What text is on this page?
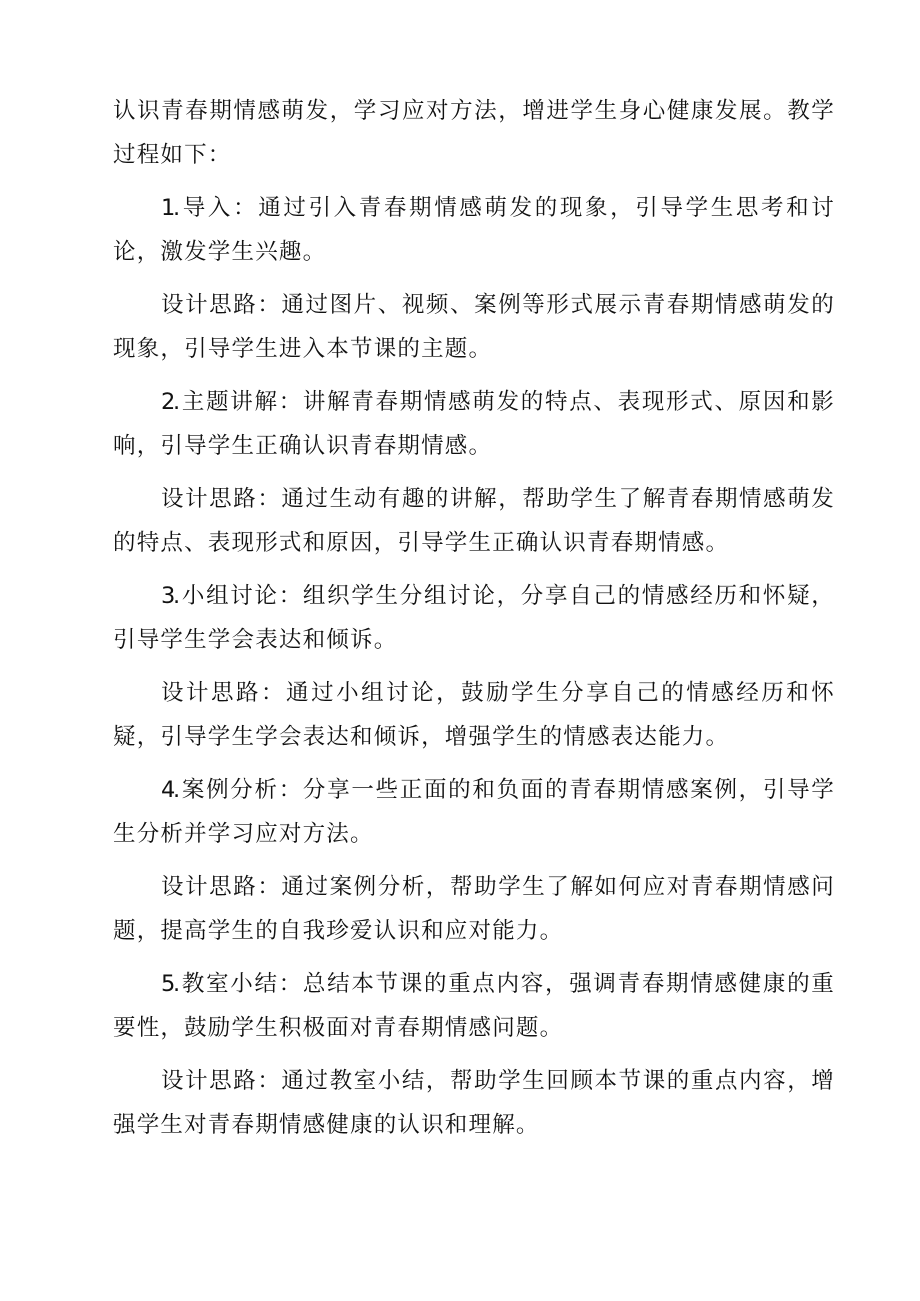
认识青春期情感萌发，学习应对方法，增进学生身心健康发展。教学过程如下：

1.导入：通过引入青春期情感萌发的现象，引导学生思考和讨论，激发学生兴趣。

设计思路：通过图片、视频、案例等形式展示青春期情感萌发的现象，引导学生进入本节课的主题。

2.主题讲解：讲解青春期情感萌发的特点、表现形式、原因和影响，引导学生正确认识青春期情感。

设计思路：通过生动有趣的讲解，帮助学生了解青春期情感萌发的特点、表现形式和原因，引导学生正确认识青春期情感。

3.小组讨论：组织学生分组讨论，分享自己的情感经历和怀疑，引导学生学会表达和倾诉。

设计思路：通过小组讨论，鼓励学生分享自己的情感经历和怀疑，引导学生学会表达和倾诉，增强学生的情感表达能力。

4.案例分析：分享一些正面的和负面的青春期情感案例，引导学生分析并学习应对方法。

设计思路：通过案例分析，帮助学生了解如何应对青春期情感问题，提高学生的自我珍爱认识和应对能力。

5.教室小结：总结本节课的重点内容，强调青春期情感健康的重要性，鼓励学生积极面对青春期情感问题。

设计思路：通过教室小结，帮助学生回顾本节课的重点内容，增强学生对青春期情感健康的认识和理解。
